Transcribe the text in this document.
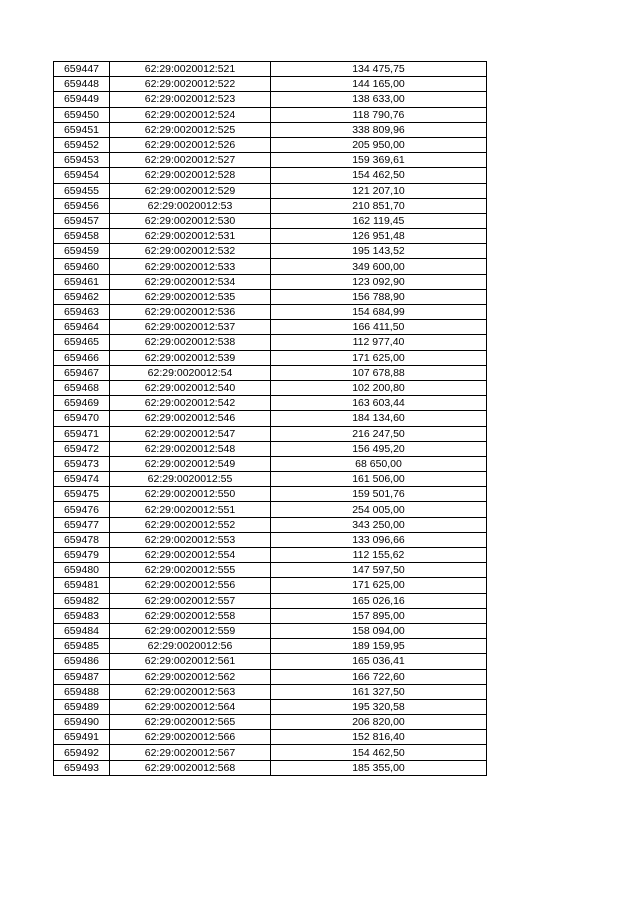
659447	62:29:0020012:521	134 475,75
659448	62:29:0020012:522	144 165,00
659449	62:29:0020012:523	138 633,00
659450	62:29:0020012:524	118 790,76
659451	62:29:0020012:525	338 809,96
659452	62:29:0020012:526	205 950,00
659453	62:29:0020012:527	159 369,61
659454	62:29:0020012:528	154 462,50
659455	62:29:0020012:529	121 207,10
659456	62:29:0020012:53	210 851,70
659457	62:29:0020012:530	162 119,45
659458	62:29:0020012:531	126 951,48
659459	62:29:0020012:532	195 143,52
659460	62:29:0020012:533	349 600,00
659461	62:29:0020012:534	123 092,90
659462	62:29:0020012:535	156 788,90
659463	62:29:0020012:536	154 684,99
659464	62:29:0020012:537	166 411,50
659465	62:29:0020012:538	112 977,40
659466	62:29:0020012:539	171 625,00
659467	62:29:0020012:54	107 678,88
659468	62:29:0020012:540	102 200,80
659469	62:29:0020012:542	163 603,44
659470	62:29:0020012:546	184 134,60
659471	62:29:0020012:547	216 247,50
659472	62:29:0020012:548	156 495,20
659473	62:29:0020012:549	68 650,00
659474	62:29:0020012:55	161 506,00
659475	62:29:0020012:550	159 501,76
659476	62:29:0020012:551	254 005,00
659477	62:29:0020012:552	343 250,00
659478	62:29:0020012:553	133 096,66
659479	62:29:0020012:554	112 155,62
659480	62:29:0020012:555	147 597,50
659481	62:29:0020012:556	171 625,00
659482	62:29:0020012:557	165 026,16
659483	62:29:0020012:558	157 895,00
659484	62:29:0020012:559	158 094,00
659485	62:29:0020012:56	189 159,95
659486	62:29:0020012:561	165 036,41
659487	62:29:0020012:562	166 722,60
659488	62:29:0020012:563	161 327,50
659489	62:29:0020012:564	195 320,58
659490	62:29:0020012:565	206 820,00
659491	62:29:0020012:566	152 816,40
659492	62:29:0020012:567	154 462,50
659493	62:29:0020012:568	185 355,00
